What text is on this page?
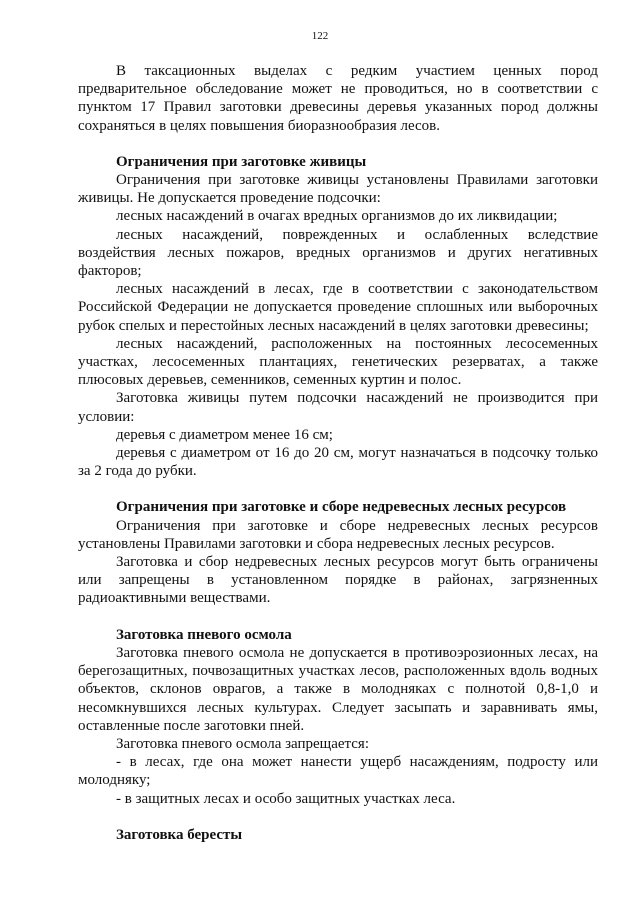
122

В таксационных выделах с редким участием ценных пород предварительное обследование может не проводиться, но в соответствии с пунктом 17 Правил заготовки древесины деревья указанных пород должны сохраняться в целях повышения биоразнообразия лесов.

Ограничения при заготовке живицы

Ограничения при заготовке живицы установлены Правилами заготовки живицы. Не допускается проведение подсочки:

лесных насаждений в очагах вредных организмов до их ликвидации;

лесных насаждений, поврежденных и ослабленных вследствие воздействия лесных пожаров, вредных организмов и других негативных факторов;

лесных насаждений в лесах, где в соответствии с законодательством Российской Федерации не допускается проведение сплошных или выборочных рубок спелых и перестойных лесных насаждений в целях заготовки древесины;

лесных насаждений, расположенных на постоянных лесосеменных участках, лесосеменных плантациях, генетических резерватах, а также плюсовых деревьев, семенников, семенных куртин и полос.

Заготовка живицы путем подсочки насаждений не производится при условии:

деревья с диаметром менее 16 см;

деревья с диаметром от 16 до 20 см, могут назначаться в подсочку только за 2 года до рубки.

Ограничения при заготовке и сборе недревесных лесных ресурсов

Ограничения при заготовке и сборе недревесных лесных ресурсов установлены Правилами заготовки и сбора недревесных лесных ресурсов.

Заготовка и сбор недревесных лесных ресурсов могут быть ограничены или запрещены в установленном порядке в районах, загрязненных радиоактивными веществами.

Заготовка пневого осмола

Заготовка пневого осмола не допускается в противоэрозионных лесах, на берегозащитных, почвозащитных участках лесов, расположенных вдоль водных объектов, склонов оврагов, а также в молодняках с полнотой 0,8-1,0 и несомкнувшихся лесных культурах. Следует засыпать и заравнивать ямы, оставленные после заготовки пней.

Заготовка пневого осмола запрещается:

- в лесах, где она может нанести ущерб насаждениям, подросту или молодняку;

- в защитных лесах и особо защитных участках леса.

Заготовка бересты
